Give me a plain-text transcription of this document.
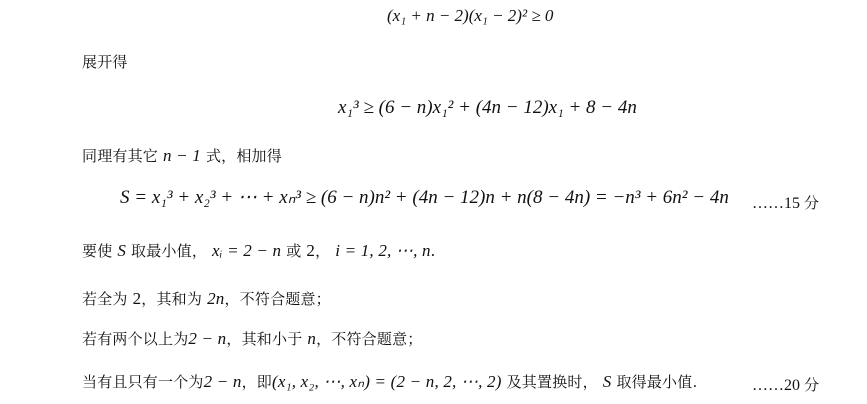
(x₁ + n − 2)(x₁ − 2)² ≥ 0
展开得
x₁³ ≥ (6 − n)x₁² + (4n − 12)x₁ + 8 − 4n
同理有其它 n − 1 式，相加得
S = x₁³ + x₂³ + ⋯ + xₙ³ ≥ (6 − n)n² + (4n − 12)n + n(8 − 4n) = −n³ + 6n² − 4n ……15 分
要使 S 取最小值， xᵢ = 2 − n 或 2， i = 1, 2, ⋯, n.
若全为 2，其和为 2n，不符合题意；
若有两个以上为2 − n，其和小于 n，不符合题意；
当有且只有一个为2 − n，即(x₁, x₂, ⋯, xₙ) = (2 − n, 2, ⋯, 2) 及其置换时， S 取得最小值.	……20 分
